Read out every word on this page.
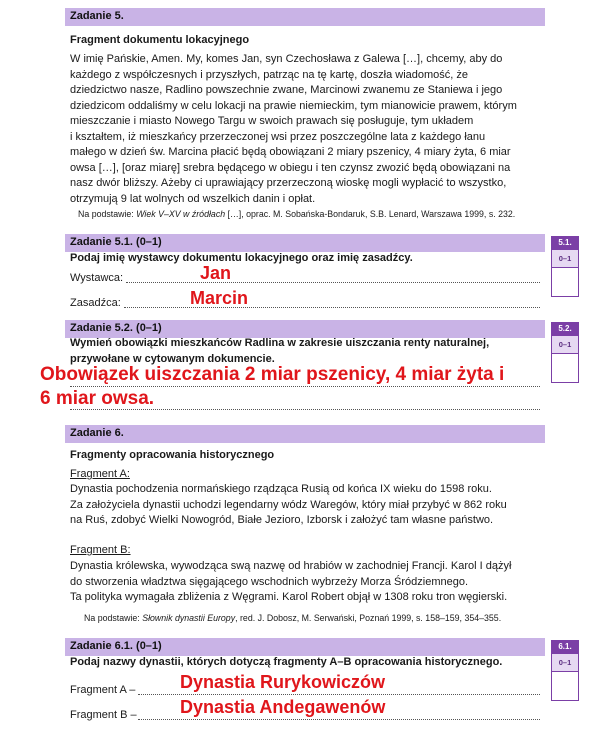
Zadanie 5.
Fragment dokumentu lokacyjnego
W imię Pańskie, Amen. My, komes Jan, syn Czechosława z Galewa […], chcemy, aby do
każdego z współczesnych i przyszłych, patrząc na tę kartę, doszła wiadomość, że
dziedzictwo nasze, Radlino powszechnie zwane, Marcinowi zwanemu ze Staniewa i jego
dziedzicom oddaliśmy w celu lokacji na prawie niemieckim, tym mianowicie prawem, którym
mieszczanie i miasto Nowego Targu w swoich prawach się posługuje, tym układem
i kształtem, iż mieszkańcy przerzeczonej wsi przez poszczególne lata z każdego łanu
małego w dzień św. Marcina płacić będą obowiązani 2 miary pszenicy, 4 miary żyta, 6 miar
owsa […], [oraz miarę] srebra będącego w obiegu i ten czynsz zwozić będą obowiązani na
nasz dwór bliższy. Ażeby ci uprawiający przerzeczoną wioskę mogli wypłacić to wszystko,
otrzymują 9 lat wolnych od wszelkich danin i opłat.
Na podstawie: Wiek V–XV w źródłach […], oprac. M. Sobańska-Bondaruk, S.B. Lenard, Warszawa 1999, s. 232.
Zadanie 5.1. (0–1)
Podaj imię wystawcy dokumentu lokacyjnego oraz imię zasadźcy.
Wystawca:	Jan
Zasadźca:	Marcin
5.1.
0–1
Zadanie 5.2. (0–1)
Wymień obowiązki mieszkańców Radlina w zakresie uiszczania renty naturalnej,
przywołane w cytowanym dokumencie.
Obowiązek uiszczania 2 miar pszenicy, 4 miar żyta i
6 miar owsa.
5.2.
0–1
Zadanie 6.
Fragmenty opracowania historycznego
Fragment A:
Dynastia pochodzenia normańskiego rządząca Rusią od końca IX wieku do 1598 roku.
Za założyciela dynastii uchodzi legendarny wódz Waregów, który miał przybyć w 862 roku
na Ruś, zdobyć Wielki Nowogród, Białe Jezioro, Izborsk i założyć tam własne państwo.
Fragment B:
Dynastia królewska, wywodząca swą nazwę od hrabiów w zachodniej Francji. Karol I dążył
do stworzenia władztwa sięgającego wschodnich wybrzeży Morza Śródziemnego.
Ta polityka wymagała zbliżenia z Węgrami. Karol Robert objął w 1308 roku tron węgierski.
Na podstawie: Słownik dynastii Europy, red. J. Dobosz, M. Serwański, Poznań 1999, s. 158–159, 354–355.
Zadanie 6.1. (0–1)
Podaj nazwy dynastii, których dotyczą fragmenty A–B opracowania historycznego.
Fragment A – Dynastia Rurykowiczów
Fragment B – Dynastia Andegawenów
6.1.
0–1
